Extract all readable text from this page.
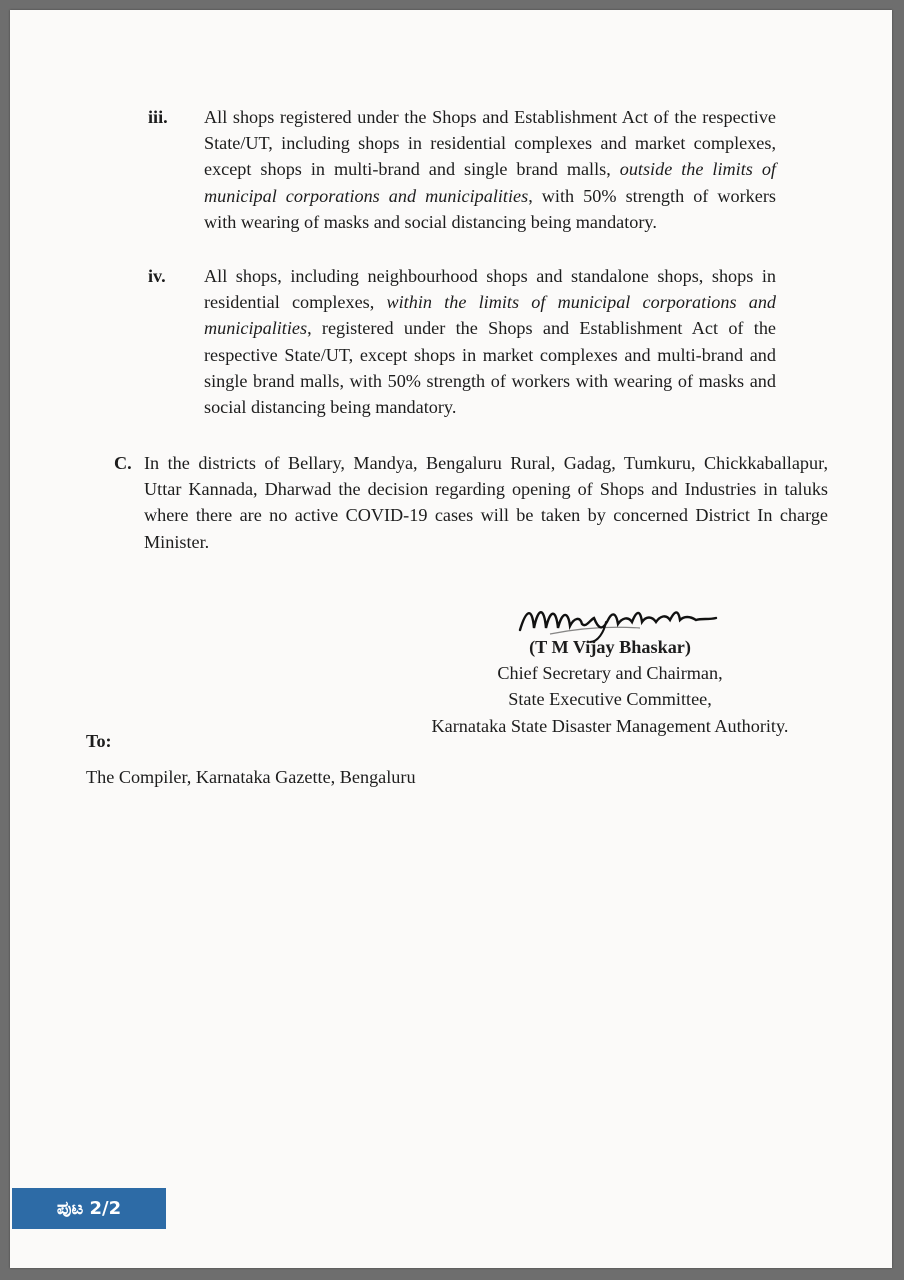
iii.	All shops registered under the Shops and Establishment Act of the respective State/UT, including shops in residential complexes and market complexes, except shops in multi-brand and single brand malls, outside the limits of municipal corporations and municipalities, with 50% strength of workers with wearing of masks and social distancing being mandatory.
iv.	All shops, including neighbourhood shops and standalone shops, shops in residential complexes, within the limits of municipal corporations and municipalities, registered under the Shops and Establishment Act of the respective State/UT, except shops in market complexes and multi-brand and single brand malls, with 50% strength of workers with wearing of masks and social distancing being mandatory.
C. In the districts of Bellary, Mandya, Bengaluru Rural, Gadag, Tumkuru, Chickkaballapur, Uttar Kannada, Dharwad the decision regarding opening of Shops and Industries in taluks where there are no active COVID-19 cases will be taken by concerned District In charge Minister.
(T M Vijay Bhaskar)
Chief Secretary and Chairman,
State Executive Committee,
Karnataka State Disaster Management Authority.
To:
The Compiler, Karnataka Gazette, Bengaluru
ಪುಟ 2/2
